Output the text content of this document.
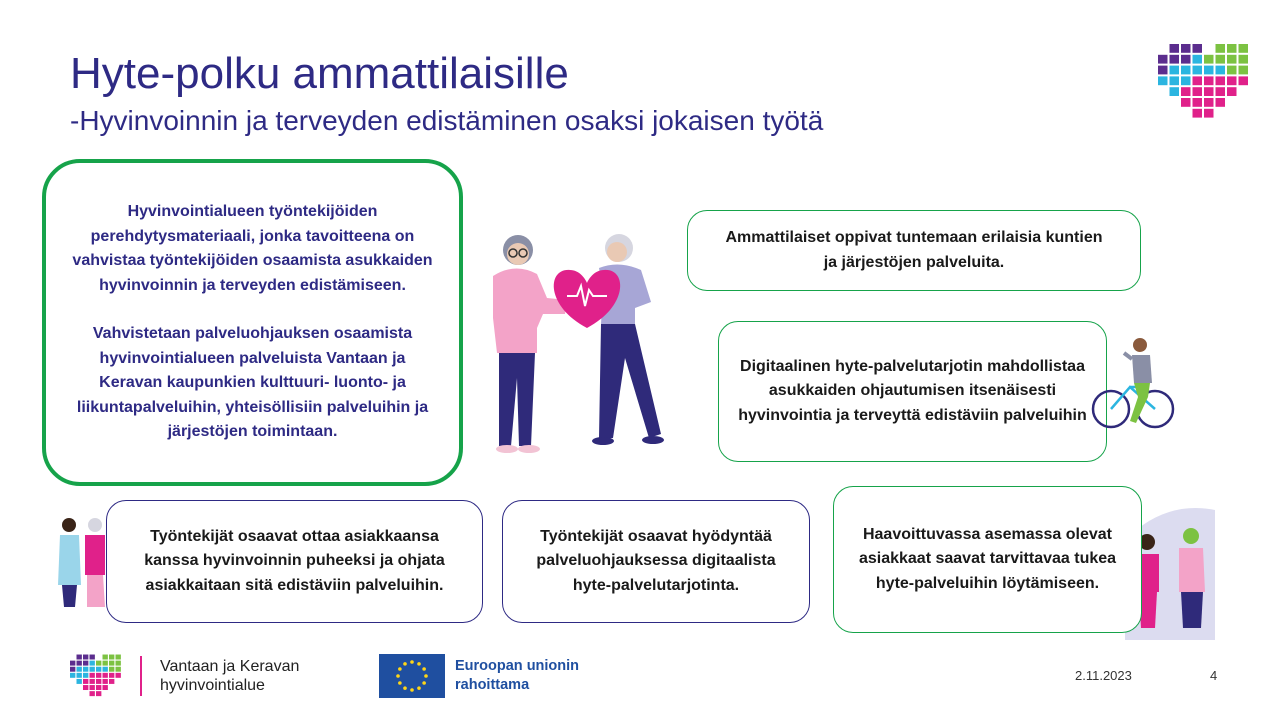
Hyte-polku ammattilaisille
-Hyvinvoinnin ja terveyden edistäminen osaksi jokaisen työtä

Hyvinvointialueen työntekijöiden perehdytysmateriaali, jonka tavoitteena on vahvistaa työntekijöiden osaamista asukkaiden hyvinvoinnin ja terveyden edistämiseen.

Vahvistetaan palveluohjauksen osaamista hyvinvointialueen palveluista Vantaan ja Keravan kaupunkien kulttuuri- luonto- ja liikuntapalveluihin, yhteisöllisiin palveluihin ja järjestöjen toimintaan.

Ammattilaiset oppivat tuntemaan erilaisia kuntien ja järjestöjen palveluita.

Digitaalinen hyte-palvelutarjotin mahdollistaa asukkaiden ohjautumisen itsenäisesti hyvinvointia ja terveyttä edistäviin palveluihin

Työntekijät osaavat ottaa asiakkaansa kanssa hyvinvoinnin puheeksi ja ohjata asiakkaitaan sitä edistäviin palveluihin.

Työntekijät osaavat hyödyntää palveluohjauksessa digitaalista hyte-palvelutarjotinta.

Haavoittuvassa asemassa olevat asiakkaat saavat tarvittavaa tukea hyte-palveluihin löytämiseen.

Vantaan ja Keravan
hyvinvointialue
Euroopan unionin
rahoittama
2.11.2023	4
